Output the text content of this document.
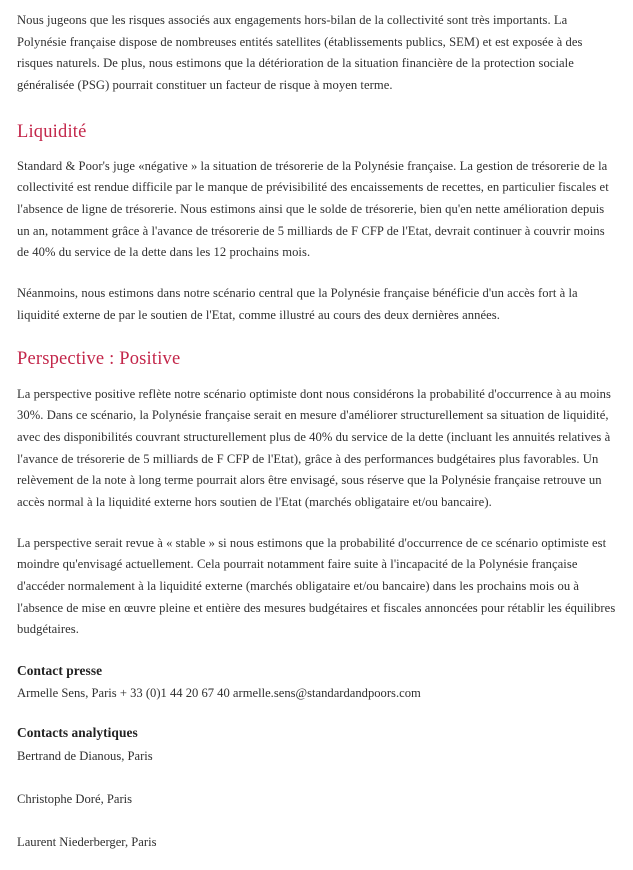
Nous jugeons que les risques associés aux engagements hors-bilan de la collectivité sont très importants. La Polynésie française dispose de nombreuses entités satellites (établissements publics, SEM) et est exposée à des risques naturels. De plus, nous estimons que la détérioration de la situation financière de la protection sociale généralisée (PSG) pourrait constituer un facteur de risque à moyen terme.

Liquidité

Standard & Poor's juge «négative » la situation de trésorerie de la Polynésie française. La gestion de trésorerie de la collectivité est rendue difficile par le manque de prévisibilité des encaissements de recettes, en particulier fiscales et l'absence de ligne de trésorerie. Nous estimons ainsi que le solde de trésorerie, bien qu'en nette amélioration depuis un an, notamment grâce à l'avance de trésorerie de 5 milliards de F CFP de l'Etat, devrait continuer à couvrir moins de 40% du service de la dette dans les 12 prochains mois.

Néanmoins, nous estimons dans notre scénario central que la Polynésie française bénéficie d'un accès fort à la liquidité externe de par le soutien de l'Etat, comme illustré au cours des deux dernières années.

Perspective : Positive

La perspective positive reflète notre scénario optimiste dont nous considérons la probabilité d'occurrence à au moins 30%. Dans ce scénario, la Polynésie française serait en mesure d'améliorer structurellement sa situation de liquidité, avec des disponibilités couvrant structurellement plus de 40% du service de la dette (incluant les annuités relatives à l'avance de trésorerie de 5 milliards de F CFP de l'Etat), grâce à des performances budgétaires plus favorables. Un relèvement de la note à long terme pourrait alors être envisagé, sous réserve que la Polynésie française retrouve un accès normal à la liquidité externe hors soutien de l'Etat (marchés obligataire et/ou bancaire).

La perspective serait revue à « stable » si nous estimons que la probabilité d'occurrence de ce scénario optimiste est moindre qu'envisagé actuellement. Cela pourrait notamment faire suite à l'incapacité de la Polynésie française d'accéder normalement à la liquidité externe (marchés obligataire et/ou bancaire) dans les prochains mois ou à l'absence de mise en œuvre pleine et entière des mesures budgétaires et fiscales annoncées pour rétablir les équilibres budgétaires.

Contact presse

Armelle Sens, Paris + 33 (0)1 44 20 67 40 armelle.sens@standardandpoors.com

Contacts analytiques

Bertrand de Dianous, Paris

Christophe Doré, Paris

Laurent Niederberger, Paris
